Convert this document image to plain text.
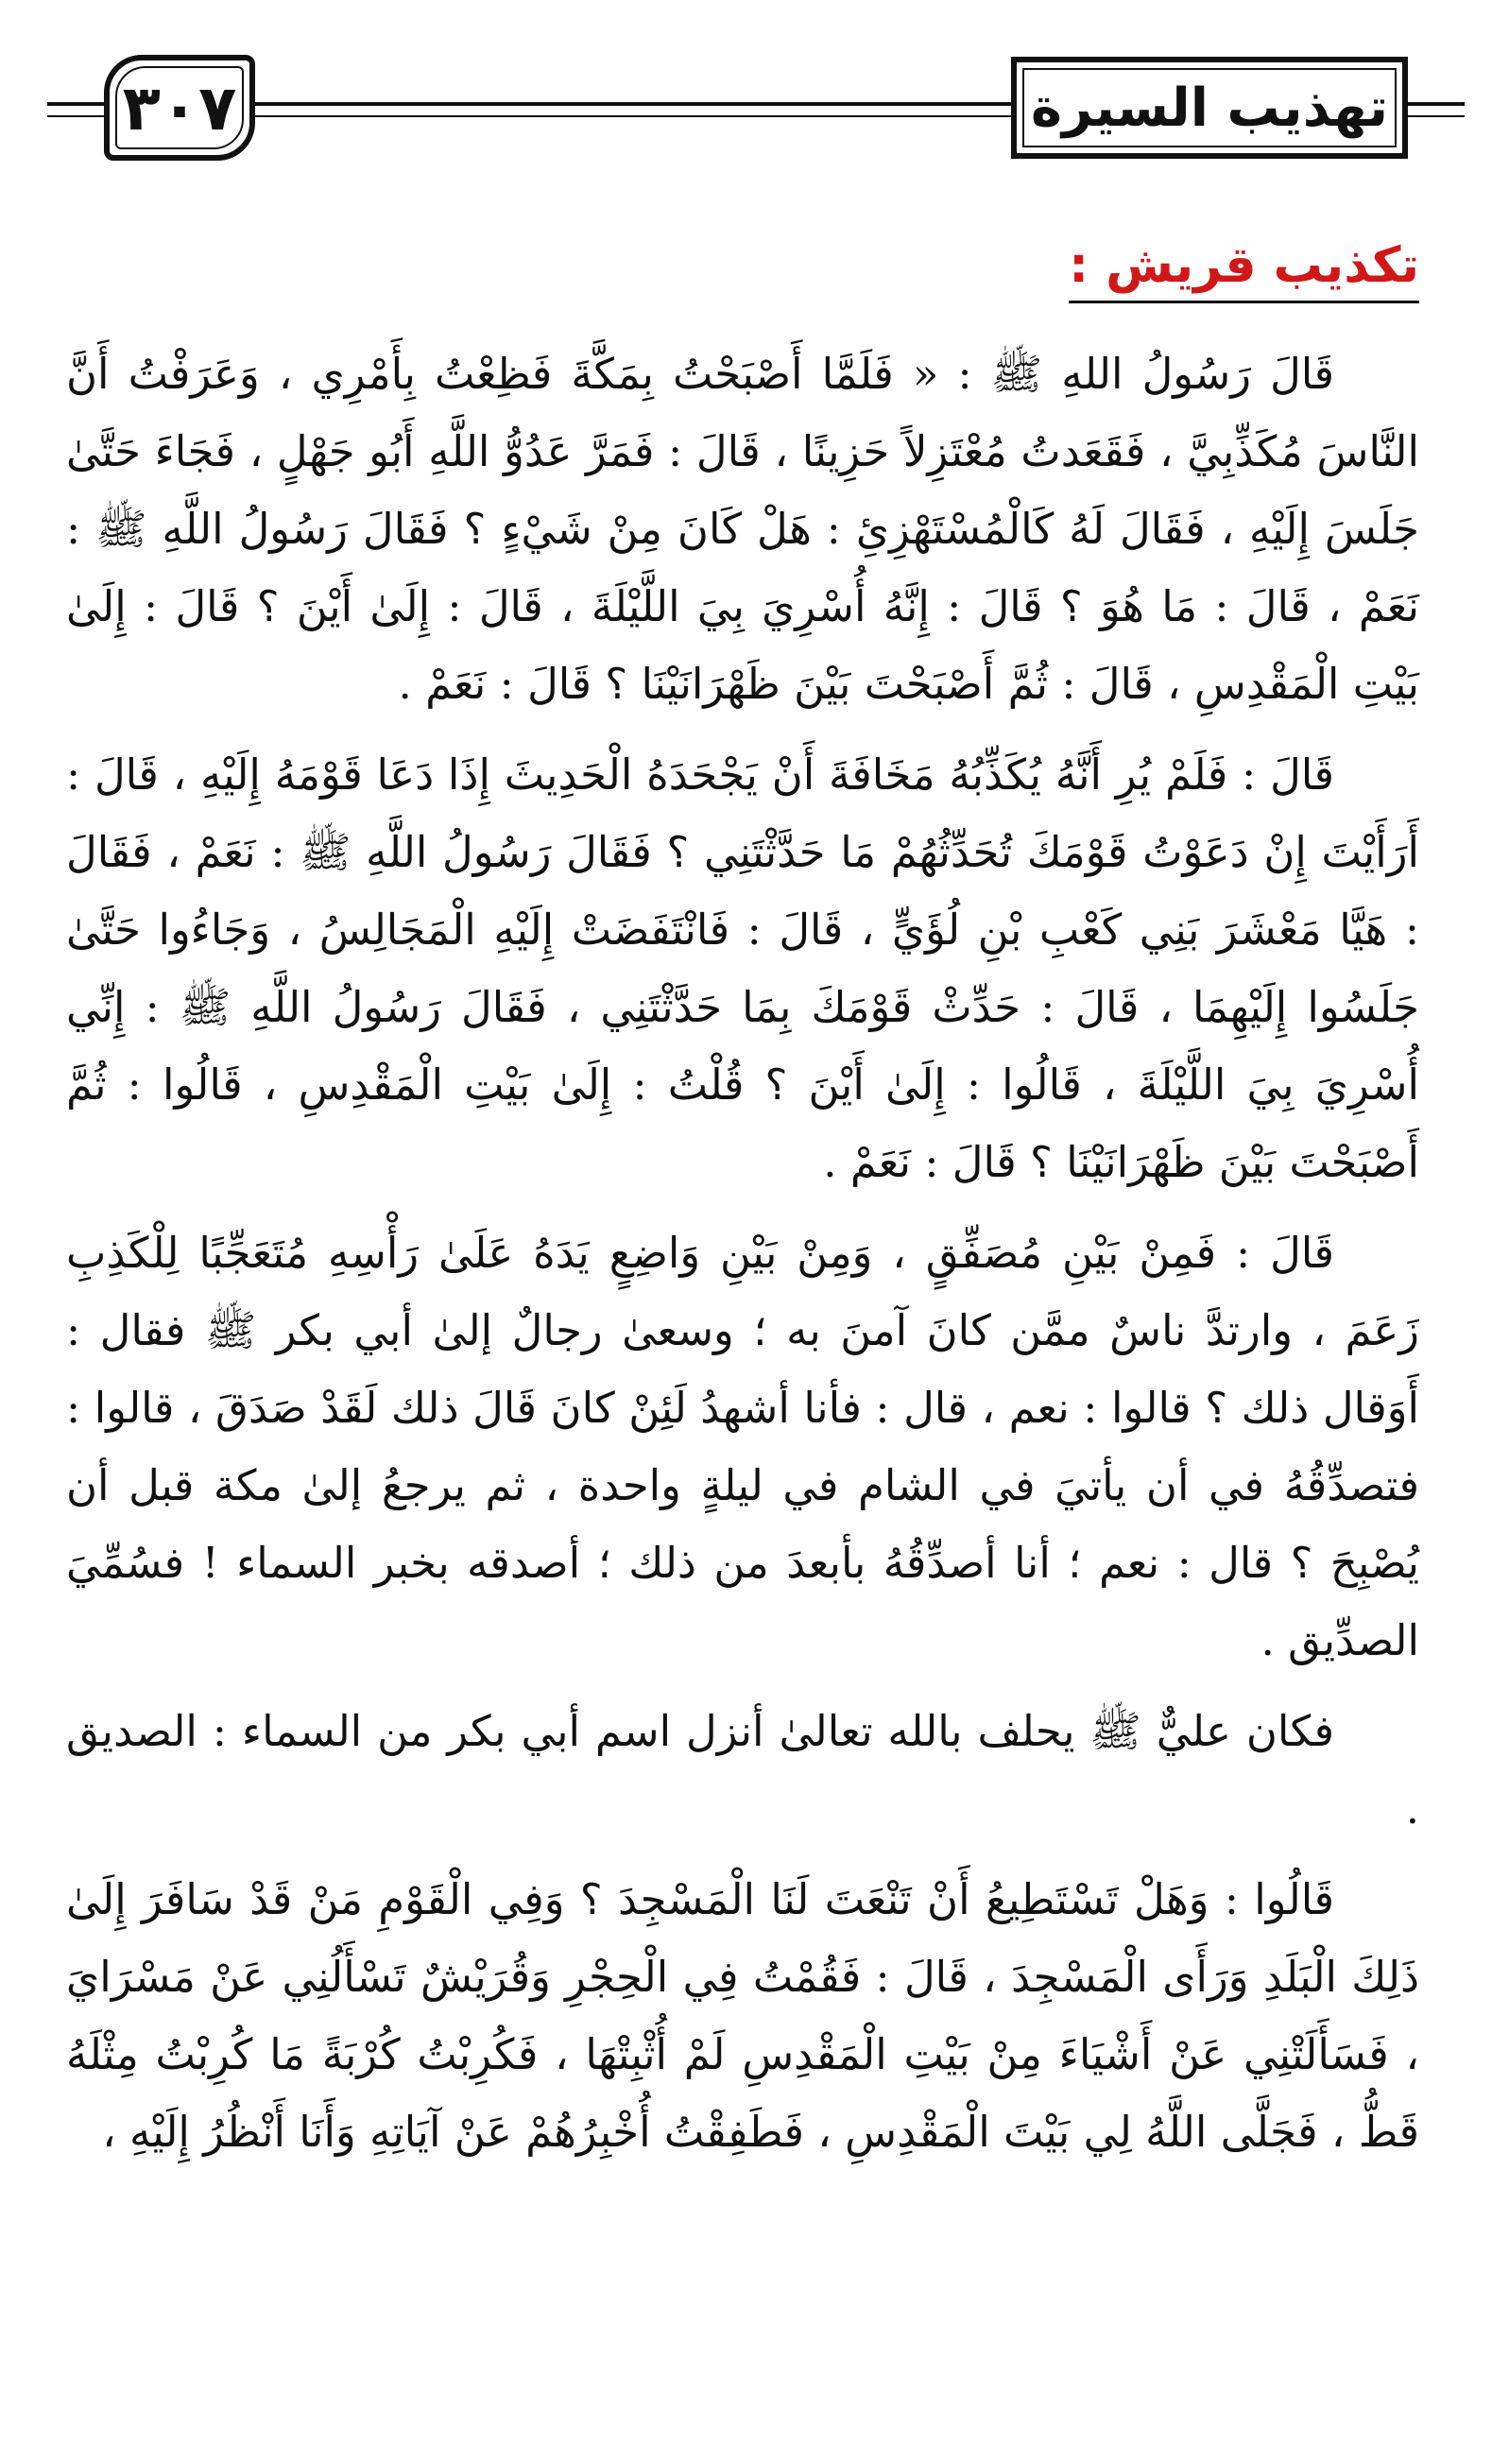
٣٠٧	تهذيب السيرة
تكذيب قريش :

قَالَ رَسُولُ اللهِ ﷺ : « فَلَمَّا أَصْبَحْتُ بِمَكَّةَ فَظِعْتُ بِأَمْرِي ، وَعَرَفْتُ أَنَّ النَّاسَ مُكَذِّبِيَّ ، فَقَعَدتُ مُعْتَزِلاً حَزِينًا ، قَالَ : فَمَرَّ عَدُوُّ اللَّهِ أَبُو جَهْلٍ ، فَجَاءَ حَتَّىٰ جَلَسَ إِلَيْهِ ، فَقَالَ لَهُ كَالْمُسْتَهْزِئِ : هَلْ كَانَ مِنْ شَيْءٍ ؟ فَقَالَ رَسُولُ اللَّهِ ﷺ : نَعَمْ ، قَالَ : مَا هُوَ ؟ قَالَ : إِنَّهُ أُسْرِيَ بِيَ اللَّيْلَةَ ، قَالَ : إِلَىٰ أَيْنَ ؟ قَالَ : إِلَىٰ بَيْتِ الْمَقْدِسِ ، قَالَ : ثُمَّ أَصْبَحْتَ بَيْنَ ظَهْرَانَيْنَا ؟ قَالَ : نَعَمْ .

قَالَ : فَلَمْ يُرِ أَنَّهُ يُكَذِّبُهُ مَخَافَةَ أَنْ يَجْحَدَهُ الْحَدِيثَ إِذَا دَعَا قَوْمَهُ إِلَيْهِ ، قَالَ : أَرَأَيْتَ إِنْ دَعَوْتُ قَوْمَكَ تُحَدِّثُهُمْ مَا حَدَّثْتَنِي ؟ فَقَالَ رَسُولُ اللَّهِ ﷺ : نَعَمْ ، فَقَالَ : هَيَّا مَعْشَرَ بَنِي كَعْبِ بْنِ لُؤَيٍّ ، قَالَ : فَانْتَفَضَتْ إِلَيْهِ الْمَجَالِسُ ، وَجَاءُوا حَتَّىٰ جَلَسُوا إِلَيْهِمَا ، قَالَ : حَدِّثْ قَوْمَكَ بِمَا حَدَّثْتَنِي ، فَقَالَ رَسُولُ اللَّهِ ﷺ : إِنِّي أُسْرِيَ بِيَ اللَّيْلَةَ ، قَالُوا : إِلَىٰ أَيْنَ ؟ قُلْتُ : إِلَىٰ بَيْتِ الْمَقْدِسِ ، قَالُوا : ثُمَّ أَصْبَحْتَ بَيْنَ ظَهْرَانَيْنَا ؟ قَالَ : نَعَمْ .

قَالَ : فَمِنْ بَيْنِ مُصَفِّقٍ ، وَمِنْ بَيْنِ وَاضِعٍ يَدَهُ عَلَىٰ رَأْسِهِ مُتَعَجِّبًا لِلْكَذِبِ زَعَمَ ، وارتدَّ ناسٌ ممَّن كانَ آمنَ به ؛ وسعىٰ رجالٌ إلىٰ أبي بكر ﷺ فقال : أَوَقال ذلك ؟ قالوا : نعم ، قال : فأنا أشهدُ لَئِنْ كانَ قَالَ ذلك لَقَدْ صَدَقَ ، قالوا : فتصدِّقُهُ في أن يأتيَ في الشام في ليلةٍ واحدة ، ثم يرجعُ إلىٰ مكة قبل أن يُصْبِحَ ؟ قال : نعم ؛ أنا أصدِّقُهُ بأبعدَ من ذلك ؛ أصدقه بخبر السماء ! فسُمِّيَ الصدِّيق .

فكان عليٌّ ﷺ يحلف بالله تعالىٰ أنزل اسم أبي بكر من السماء : الصديق .

قَالُوا : وَهَلْ تَسْتَطِيعُ أَنْ تَنْعَتَ لَنَا الْمَسْجِدَ ؟ وَفِي الْقَوْمِ مَنْ قَدْ سَافَرَ إِلَىٰ ذَلِكَ الْبَلَدِ وَرَأَى الْمَسْجِدَ ، قَالَ : فَقُمْتُ فِي الْحِجْرِ وَقُرَيْشٌ تَسْأَلُنِي عَنْ مَسْرَايَ ، فَسَأَلَتْنِي عَنْ أَشْيَاءَ مِنْ بَيْتِ الْمَقْدِسِ لَمْ أُثْبِتْهَا ، فَكُرِبْتُ كُرْبَةً مَا كُرِبْتُ مِثْلَهُ قَطُّ ، فَجَلَّى اللَّهُ لِي بَيْتَ الْمَقْدِسِ ، فَطَفِقْتُ أُخْبِرُهُمْ عَنْ آيَاتِهِ وَأَنَا أَنْظُرُ إِلَيْهِ ،
